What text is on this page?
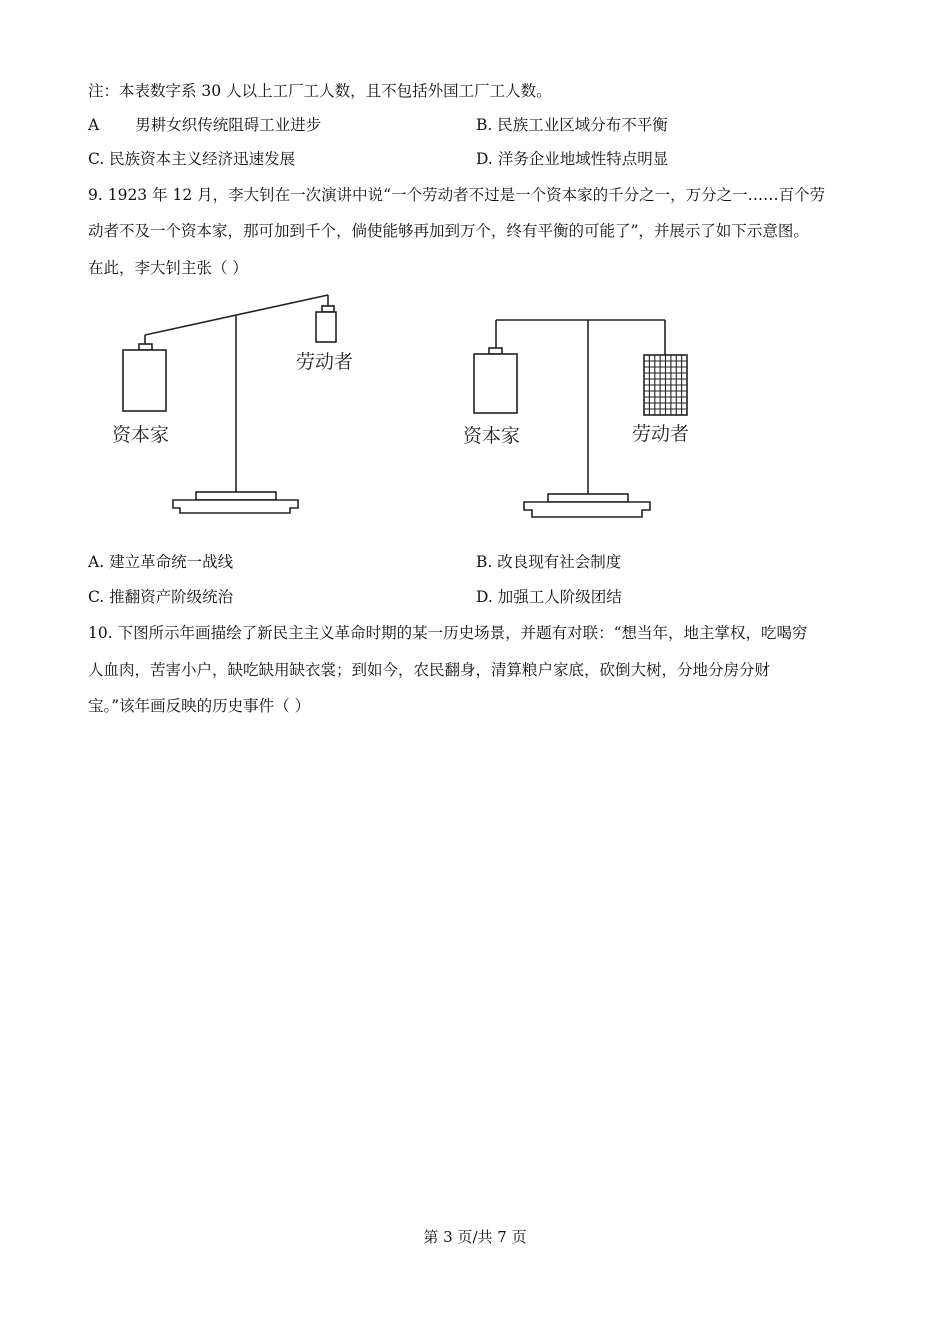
注：本表数字系 30 人以上工厂工人数，且不包括外国工厂工人数。
A 男耕女织传统阻碍工业进步	B. 民族工业区域分布不平衡
C. 民族资本主义经济迅速发展	D. 洋务企业地域性特点明显
9. 1923 年 12 月，李大钊在一次演讲中说“一个劳动者不过是一个资本家的千分之一，万分之一……百个劳
动者不及一个资本家，那可加到千个，倘使能够再加到万个，终有平衡的可能了”，并展示了如下示意图。
在此，李大钊主张（ ）
劳动者
资本家	资本家	劳动者
A. 建立革命统一战线	B. 改良现有社会制度
C. 推翻资产阶级统治	D. 加强工人阶级团结
10. 下图所示年画描绘了新民主主义革命时期的某一历史场景，并题有对联：“想当年，地主掌权，吃喝穷
人血肉，苦害小户，缺吃缺用缺衣裳；到如今，农民翻身，清算粮户家底，砍倒大树，分地分房分财
宝。”该年画反映的历史事件（ ）
第 3 页/共 7 页
